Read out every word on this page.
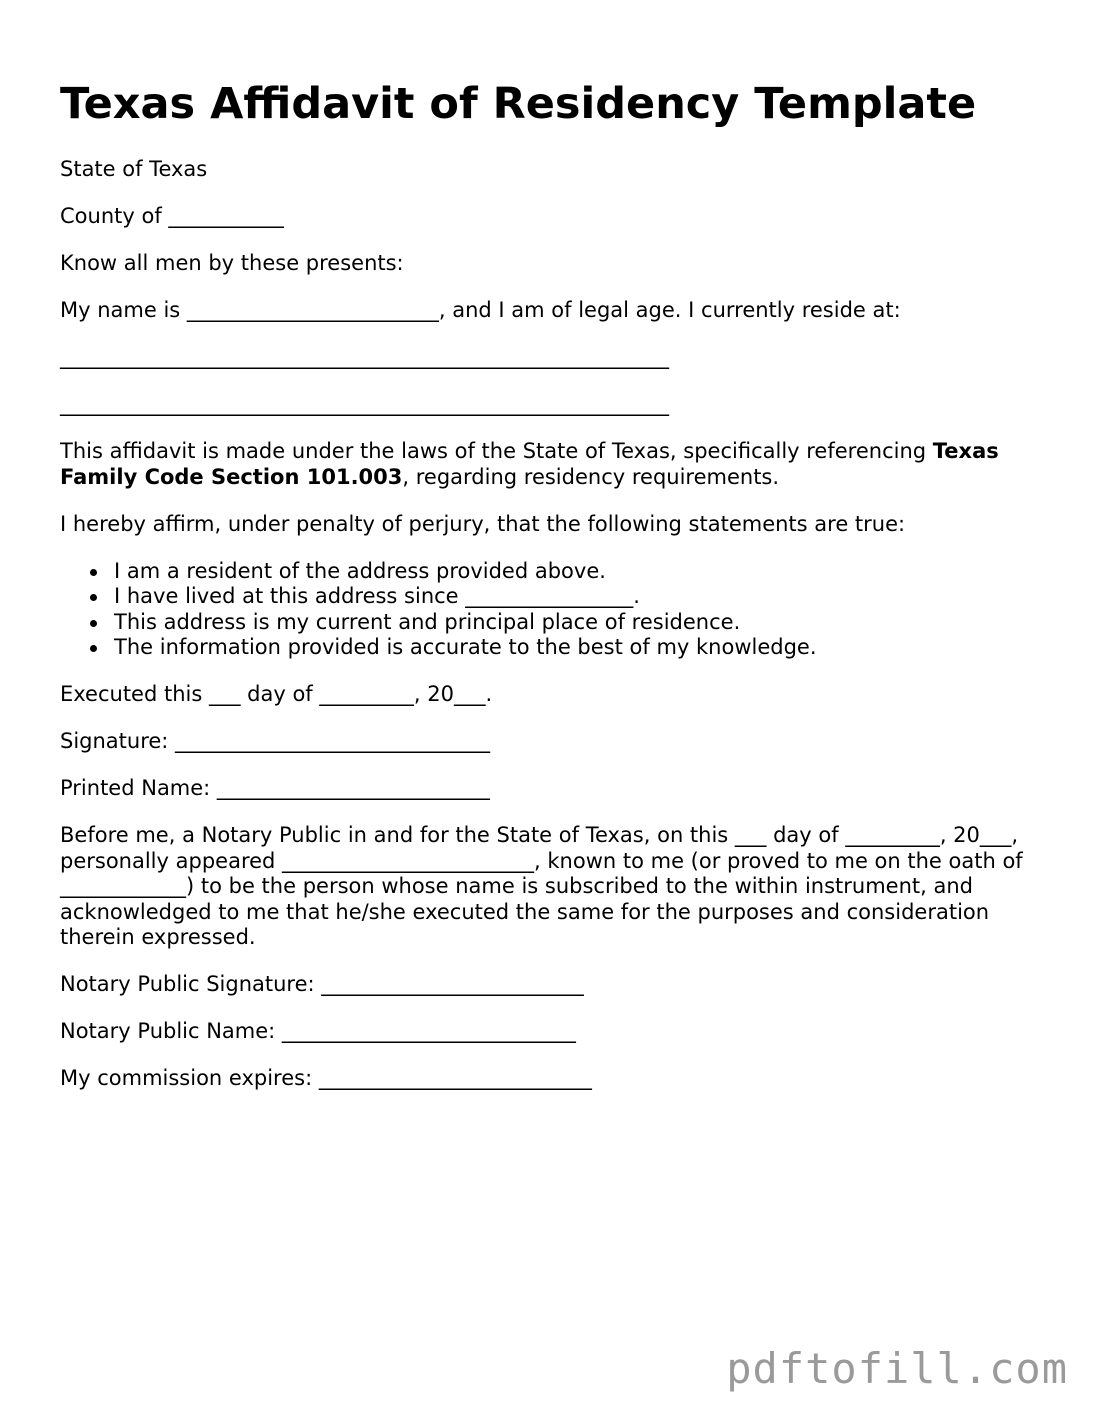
Texas Affidavit of Residency Template

State of Texas

County of ___________

Know all men by these presents:

My name is ________________________, and I am of legal age. I currently reside at:

__________________________________________________________
__________________________________________________________

This affidavit is made under the laws of the State of Texas, specifically referencing Texas Family Code Section 101.003, regarding residency requirements.

I hereby affirm, under penalty of perjury, that the following statements are true:

I am a resident of the address provided above.
I have lived at this address since ________________.
This address is my current and principal place of residence.
The information provided is accurate to the best of my knowledge.

Executed this ___ day of _________, 20___.

Signature: ______________________________

Printed Name: __________________________

Before me, a Notary Public in and for the State of Texas, on this ___ day of _________, 20___, personally appeared ________________________, known to me (or proved to me on the oath of ____________) to be the person whose name is subscribed to the within instrument, and acknowledged to me that he/she executed the same for the purposes and consideration therein expressed.

Notary Public Signature: _________________________

Notary Public Name: ____________________________

My commission expires: __________________________

pdftofill.com
